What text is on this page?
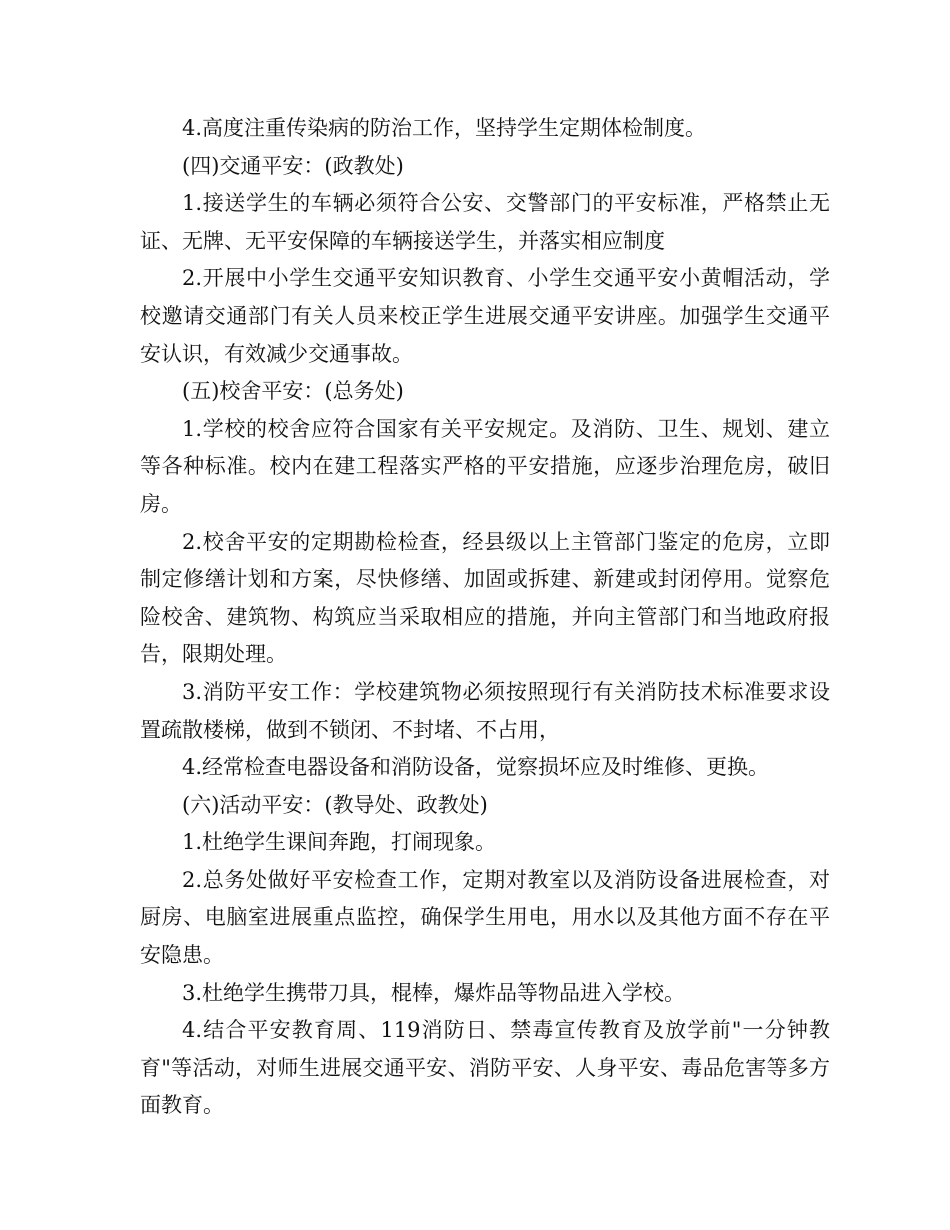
4.高度注重传染病的防治工作，坚持学生定期体检制度。

(四)交通平安：(政教处)

1.接送学生的车辆必须符合公安、交警部门的平安标准，严格禁止无证、无牌、无平安保障的车辆接送学生，并落实相应制度

2.开展中小学生交通平安知识教育、小学生交通平安小黄帽活动，学校邀请交通部门有关人员来校正学生进展交通平安讲座。加强学生交通平安认识，有效减少交通事故。

(五)校舍平安：(总务处)

1.学校的校舍应符合国家有关平安规定。及消防、卫生、规划、建立等各种标准。校内在建工程落实严格的平安措施，应逐步治理危房，破旧房。

2.校舍平安的定期勘检检查，经县级以上主管部门鉴定的危房，立即制定修缮计划和方案，尽快修缮、加固或拆建、新建或封闭停用。觉察危险校舍、建筑物、构筑应当采取相应的措施，并向主管部门和当地政府报告，限期处理。

3.消防平安工作：学校建筑物必须按照现行有关消防技术标准要求设置疏散楼梯，做到不锁闭、不封堵、不占用，

4.经常检查电器设备和消防设备，觉察损坏应及时维修、更换。

(六)活动平安：(教导处、政教处)

1.杜绝学生课间奔跑，打闹现象。

2.总务处做好平安检查工作，定期对教室以及消防设备进展检查，对厨房、电脑室进展重点监控，确保学生用电，用水以及其他方面不存在平安隐患。

3.杜绝学生携带刀具，棍棒，爆炸品等物品进入学校。

4.结合平安教育周、119消防日、禁毒宣传教育及放学前"一分钟教育"等活动，对师生进展交通平安、消防平安、人身平安、毒品危害等多方面教育。
